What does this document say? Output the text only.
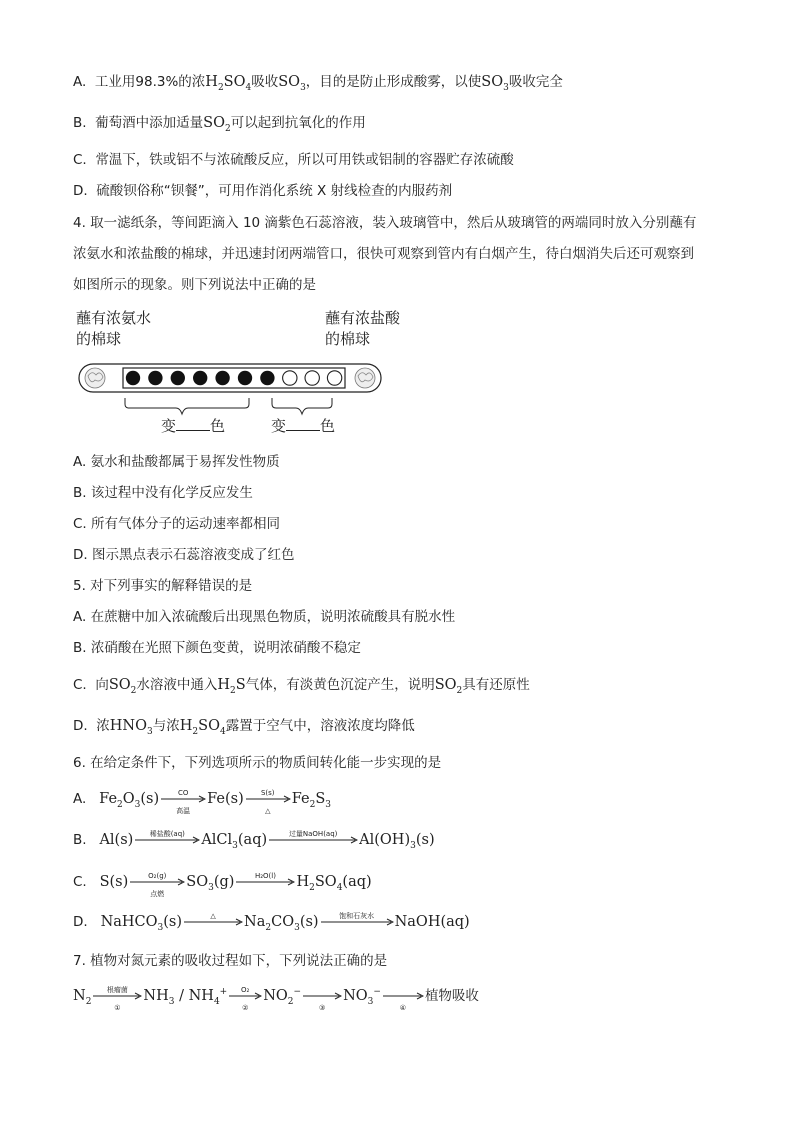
A. 工业用98.3%的浓$H_2SO_4$吸收$SO_3$，目的是防止形成酸雾，以使$SO_3$吸收完全
B. 葡萄酒中添加适量$SO_2$可以起到抗氧化的作用
C. 常温下，铁或铝不与浓硫酸反应，所以可用铁或铝制的容器贮存浓硫酸
D. 硫酸钡俗称“钡餐”，可用作消化系统 X 射线检查的内服药剂
4. 取一滤纸条，等间距滴入 10 滴紫色石蕊溶液，装入玻璃管中，然后从玻璃管的两端同时放入分别蘸有
浓氨水和浓盐酸的棉球，并迅速封闭两端管口，很快可观察到管内有白烟产生，待白烟消失后还可观察到
如图所示的现象。则下列说法中正确的是
蘸有浓氨水
的棉球
蘸有浓盐酸
的棉球
变 色	变 色
A. 氨水和盐酸都属于易挥发性物质
B. 该过程中没有化学反应发生
C. 所有气体分子的运动速率都相同
D. 图示黑点表示石蕊溶液变成了红色
5. 对下列事实的解释错误的是
A. 在蔗糖中加入浓硫酸后出现黑色物质，说明浓硫酸具有脱水性
B. 浓硝酸在光照下颜色变黄，说明浓硝酸不稳定
C. 向$SO_2$水溶液中通入$H_2S$气体，有淡黄色沉淀产生，说明$SO_2$具有还原性
D. 浓$HNO_3$与浓$H_2SO_4$露置于空气中，溶液浓度均降低
6. 在给定条件下，下列选项所示的物质间转化能一步实现的是
A. $Fe_2O_3(s)$	CO
高温
Fe(s)	S(s)
△
$Fe_2S_3$
B. Al(s)	稀盐酸(aq)	AlCl$_3$(aq)	过量NaOH(aq)	$Al(OH)_3(s)$
C. S(s)	O₂(g)
点燃
$SO_3(g)$	H₂O(l)	$H_2SO_4(aq)$
D. NaHCO$_3$(s)	△	$Na_2CO_3(s)$	饱和石灰水	NaOH(aq)
7. 植物对氮元素的吸收过程如下，下列说法正确的是
$N_2$
根瘤菌
①
$NH_3 / NH_4^+$	O₂
②
$NO_2^-$
③
$NO_3^-$
④
植物吸收
